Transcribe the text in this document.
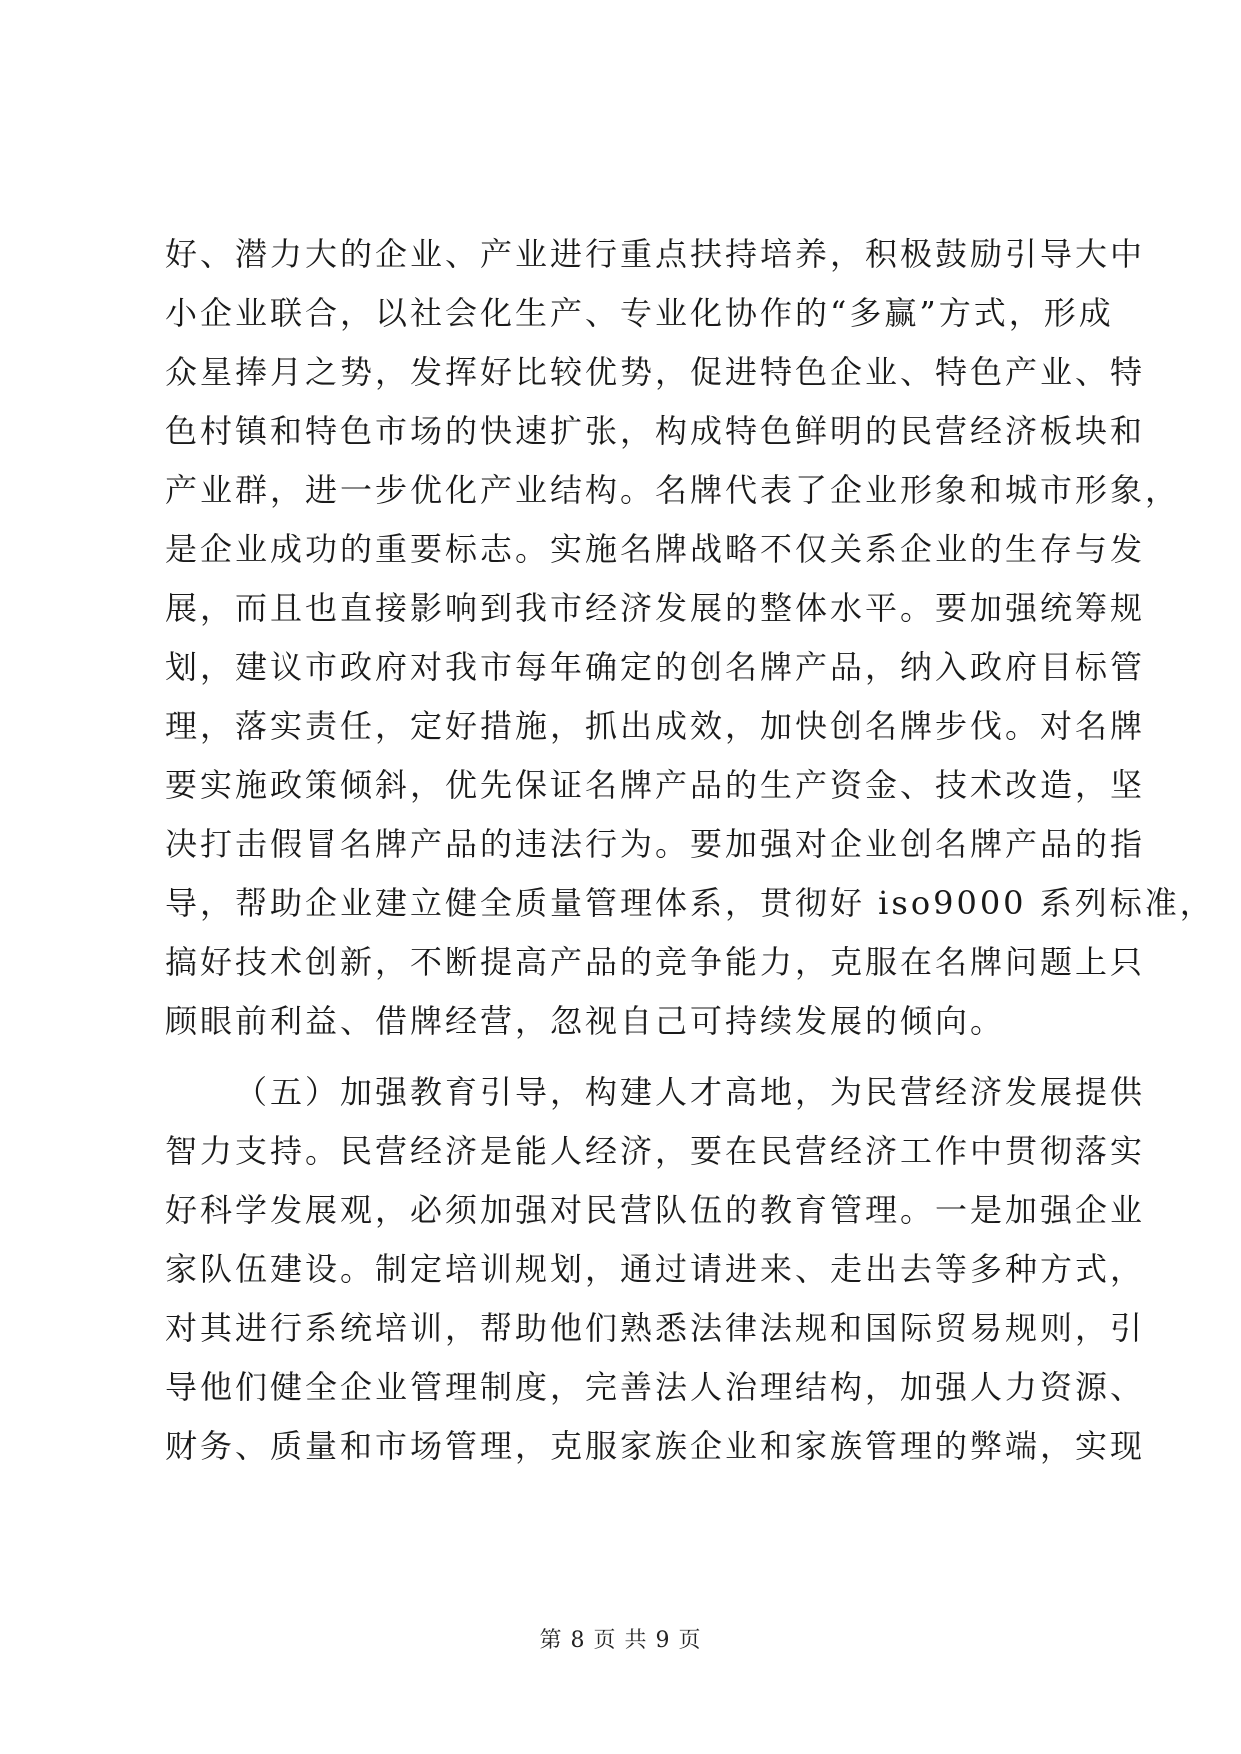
好、潜力大的企业、产业进行重点扶持培养，积极鼓励引导大中
小企业联合，以社会化生产、专业化协作的“多赢”方式，形成
众星捧月之势，发挥好比较优势，促进特色企业、特色产业、特
色村镇和特色市场的快速扩张，构成特色鲜明的民营经济板块和
产业群，进一步优化产业结构。名牌代表了企业形象和城市形象，
是企业成功的重要标志。实施名牌战略不仅关系企业的生存与发
展，而且也直接影响到我市经济发展的整体水平。要加强统筹规
划，建议市政府对我市每年确定的创名牌产品，纳入政府目标管
理，落实责任，定好措施，抓出成效，加快创名牌步伐。对名牌
要实施政策倾斜，优先保证名牌产品的生产资金、技术改造，坚
决打击假冒名牌产品的违法行为。要加强对企业创名牌产品的指
导，帮助企业建立健全质量管理体系，贯彻好 iso9000 系列标准，
搞好技术创新，不断提高产品的竞争能力，克服在名牌问题上只
顾眼前利益、借牌经营，忽视自己可持续发展的倾向。
（五）加强教育引导，构建人才高地，为民营经济发展提供
智力支持。民营经济是能人经济，要在民营经济工作中贯彻落实
好科学发展观，必须加强对民营队伍的教育管理。一是加强企业
家队伍建设。制定培训规划，通过请进来、走出去等多种方式，
对其进行系统培训，帮助他们熟悉法律法规和国际贸易规则，引
导他们健全企业管理制度，完善法人治理结构，加强人力资源、
财务、质量和市场管理，克服家族企业和家族管理的弊端，实现
第 8 页 共 9 页
